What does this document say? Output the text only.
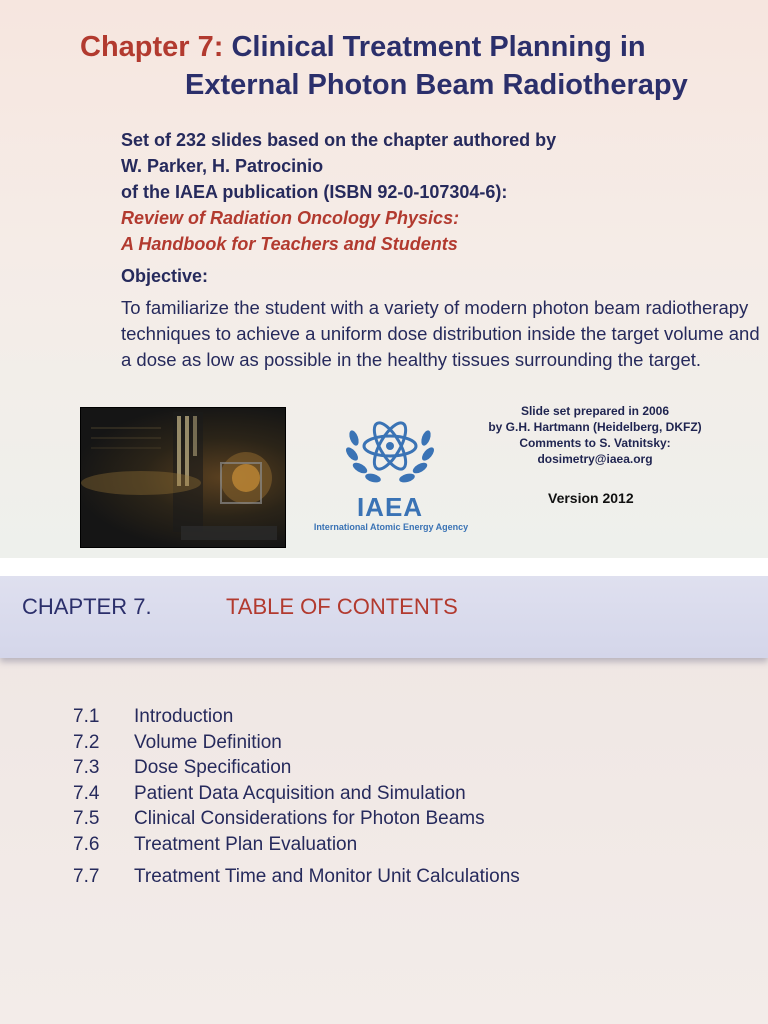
Chapter 7: Clinical Treatment Planning in
External Photon Beam Radiotherapy
Set of 232 slides based on the chapter authored by
W. Parker, H. Patrocinio
of the IAEA publication (ISBN 92-0-107304-6):
Review of Radiation Oncology Physics:
A Handbook for Teachers and Students
Objective:
To familiarize the student with a variety of modern photon beam radiotherapy techniques to achieve a uniform dose distribution inside the target volume and a dose as low as possible in the healthy tissues surrounding the target.
IAEA
International Atomic Energy Agency
Slide set prepared in 2006
by G.H. Hartmann (Heidelberg, DKFZ)
Comments to S. Vatnitsky:
dosimetry@iaea.org
Version 2012
CHAPTER 7.	TABLE OF CONTENTS
7.1 Introduction
7.2 Volume Definition
7.3 Dose Specification
7.4 Patient Data Acquisition and Simulation
7.5 Clinical Considerations for Photon Beams
7.6 Treatment Plan Evaluation
7.7 Treatment Time and Monitor Unit Calculations
